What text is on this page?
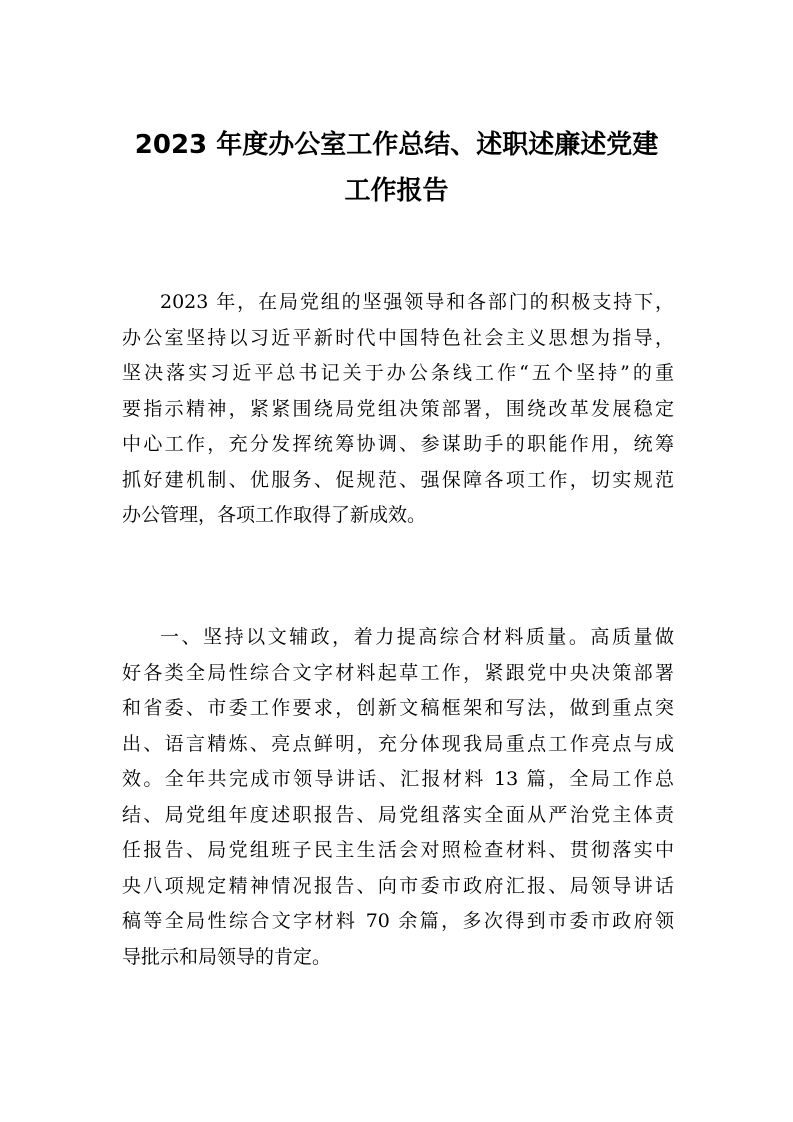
2023 年度办公室工作总结、述职述廉述党建
工作报告
2023 年，在局党组的坚强领导和各部门的积极支持下，
办公室坚持以习近平新时代中国特色社会主义思想为指导，
坚决落实习近平总书记关于办公条线工作“五个坚持”的重
要指示精神，紧紧围绕局党组决策部署，围绕改革发展稳定
中心工作，充分发挥统筹协调、参谋助手的职能作用，统筹
抓好建机制、优服务、促规范、强保障各项工作，切实规范
办公管理，各项工作取得了新成效。
一、坚持以文辅政，着力提高综合材料质量。高质量做
好各类全局性综合文字材料起草工作，紧跟党中央决策部署
和省委、市委工作要求，创新文稿框架和写法，做到重点突
出、语言精炼、亮点鲜明，充分体现我局重点工作亮点与成
效。全年共完成市领导讲话、汇报材料 13 篇，全局工作总
结、局党组年度述职报告、局党组落实全面从严治党主体责
任报告、局党组班子民主生活会对照检查材料、贯彻落实中
央八项规定精神情况报告、向市委市政府汇报、局领导讲话
稿等全局性综合文字材料 70 余篇，多次得到市委市政府领
导批示和局领导的肯定。
